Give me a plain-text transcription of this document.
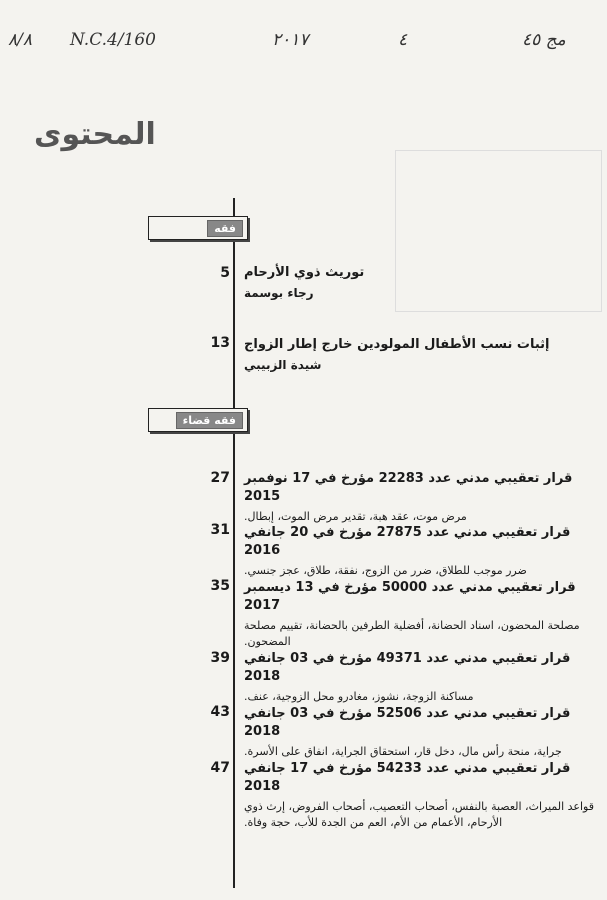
۸/۸ N.C.4/160	٢٠١٧	٤	مج ٤٥
المحتوى
فقه
فقه قضاء
5 توريث ذوي الأرحام
رجاء بوسمة
13 إثبات نسب الأطفال المولودين خارج إطار الزواج
شيدة الزبيبي
27 قرار تعقيبي مدني عدد 22283 مؤرخ في 17 نوفمبر 2015
مرض موت، عقد هبة، تقدير مرض الموت، إبطال.
31 قرار تعقيبي مدني عدد 27875 مؤرخ في 20 جانفي 2016
ضرر موجب للطلاق، ضرر من الزوج، نفقة، طلاق، عجز جنسي.
35 قرار تعقيبي مدني عدد 50000 مؤرخ في 13 ديسمبر 2017
مصلحة المحضون، اسناد الحضانة، أفضلية الطرفين بالحضانة، تقييم مصلحة المضحون.
39 قرار تعقيبي مدني عدد 49371 مؤرخ في 03 جانفي 2018
مساكنة الزوجة، نشوز، مغادرو محل الزوجية، عنف.
43 قرار تعقيبي مدني عدد 52506 مؤرخ في 03 جانفي 2018
جراية، منحة رأس مال، دخل قار، استحقاق الجراية، انفاق على الأسرة.
47 قرار تعقيبي مدني عدد 54233 مؤرخ في 17 جانفي 2018
قواعد الميراث، العصبة بالنفس، أصحاب التعصيب، أصحاب الفروض، إرث ذوي الأرحام، الأعمام من الأم، العم من الجدة للأب، حجة وفاة.
